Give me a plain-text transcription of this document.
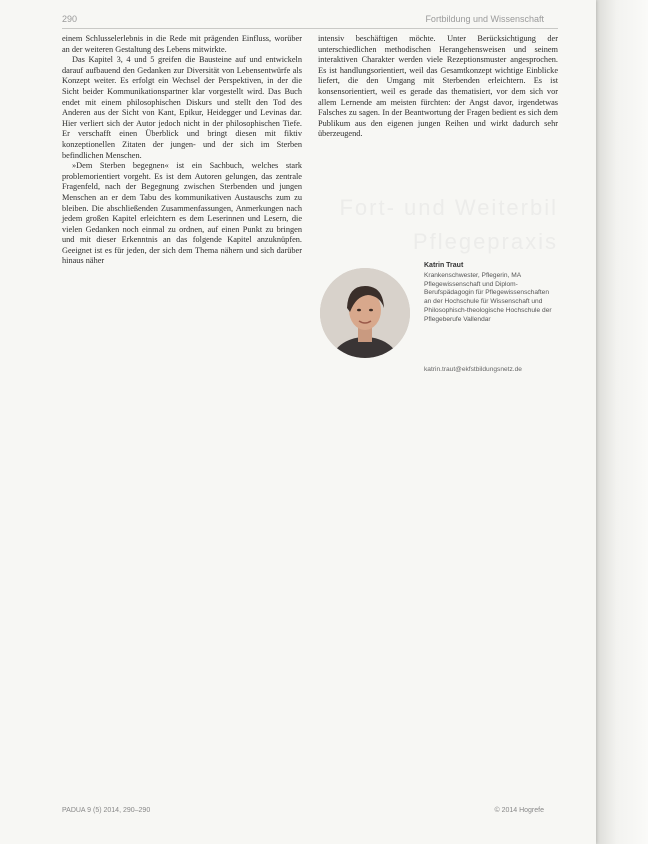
290	Fortbildung und Wissenschaft

einem Schlusselerlebnis in die Rede mit prägenden Einfluss, worüber an der weiteren Gestaltung des Lebens mitwirkte.

Das Kapitel 3, 4 und 5 greifen die Bausteine auf und entwickeln darauf aufbauend den Gedanken zur Diversität von Lebensentwürfe als Konzept weiter. Es erfolgt ein Wechsel der Perspektiven, in der die Sicht beider Kommunikationspartner klar vorgestellt wird. Das Buch endet mit einem philosophischen Diskurs und stellt den Tod des Anderen aus der Sicht von Kant, Epikur, Heidegger und Levinas dar. Hier verliert sich der Autor jedoch nicht in der philosophischen Tiefe. Er verschafft einen Überblick und bringt diesen mit fiktiv konzeptionellen Zitaten der jungen- und der sich im Sterben befindlichen Menschen.

»Dem Sterben begegnen« ist ein Sachbuch, welches stark problemorientiert vorgeht. Es ist dem Autoren gelungen, das zentrale Fragenfeld, nach der Begegnung zwischen Sterbenden und jungen Menschen an er dem Tabu des kommunikativen Austauschs zum zu bleiben. Die abschließenden Zusammenfassungen, Anmerkungen nach jedem großen Kapitel erleichtern es dem Leserinnen und Lesern, die vielen Gedanken noch einmal zu ordnen, auf einen Punkt zu bringen und mit dieser Erkenntnis an das folgende Kapitel anzuknüpfen. Geeignet ist es für jeden, der sich dem Thema nähern und sich darüber hinaus näher

intensiv beschäftigen möchte. Unter Berücksichtigung der unterschiedlichen methodischen Herangehensweisen und seinem interaktiven Charakter werden viele Rezeptionsmuster angesprochen. Es ist handlungsorientiert, weil das Gesamtkonzept wichtige Einblicke liefert, die den Umgang mit Sterbenden erleichtern. Es ist konsensorientiert, weil es gerade das thematisiert, vor dem sich vor allem Lernende am meisten fürchten: der Angst davor, irgendetwas Falsches zu sagen. In der Beantwortung der Fragen bedient es sich dem Publikum aus den eigenen jungen Reihen und wirkt dadurch sehr überzeugend.

Fort- und Weiterbil
Pflegepraxis
Katrin Traut
Krankenschwester, Pflegerin, MA Pflegewissenschaft und Diplom-Berufspädagogin für Pflegewissenschaften an der Hochschule für Wissenschaft und Philosophisch-theologische Hochschule der Pflegeberufe Vallendar
katrin.traut@ekfstbildungsnetz.de
PADUA 9 (5) 2014, 290–290	© 2014 Hogrefe
